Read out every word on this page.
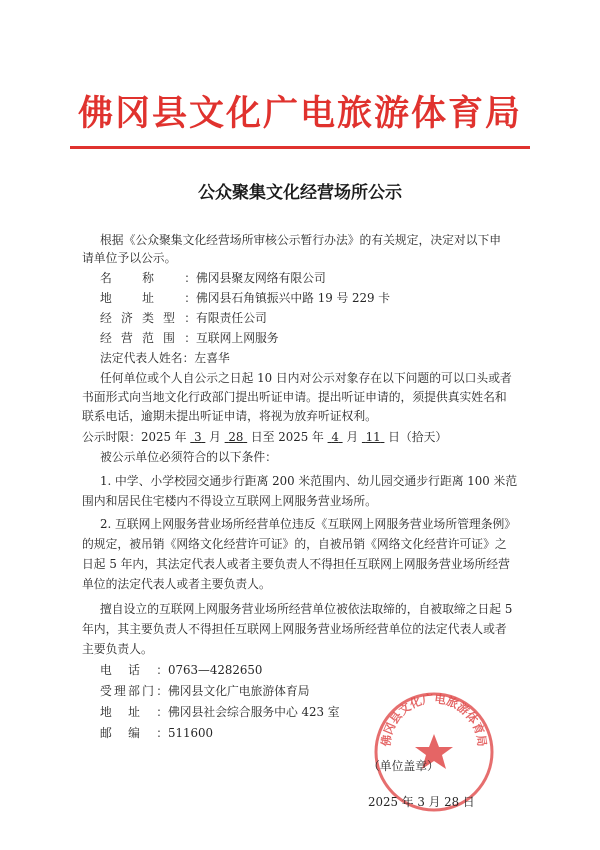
佛冈县文化广电旅游体育局
公众聚集文化经营场所公示
根据《公众聚集文化经营场所审核公示暂行办法》的有关规定，决定对以下申
请单位予以公示。
名称：佛冈县聚友网络有限公司
地址：佛冈县石角镇振兴中路 19 号 229 卡
经济类型：有限责任公司
经营范围：互联网上网服务
法定代表人姓名：左喜华
任何单位或个人自公示之日起 10 日内对公示对象存在以下问题的可以口头或者
书面形式向当地文化行政部门提出听证申请。提出听证申请的，须提供真实姓名和
联系电话，逾期未提出听证申请，将视为放弃听证权利。
公示时限：2025 年 3 月 28 日至 2025 年 4 月 11 日（拾天）
被公示单位必须符合的以下条件：
1. 中学、小学校园交通步行距离 200 米范围内、幼儿园交通步行距离 100 米范
围内和居民住宅楼内不得设立互联网上网服务营业场所。
2. 互联网上网服务营业场所经营单位违反《互联网上网服务营业场所管理条例》
的规定，被吊销《网络文化经营许可证》的，自被吊销《网络文化经营许可证》之
日起 5 年内，其法定代表人或者主要负责人不得担任互联网上网服务营业场所经营
单位的法定代表人或者主要负责人。
擅自设立的互联网上网服务营业场所经营单位被依法取缔的，自被取缔之日起 5
年内，其主要负责人不得担任互联网上网服务营业场所经营单位的法定代表人或者
主要负责人。
电话：0763—4282650
受理部门：佛冈县文化广电旅游体育局
地址：佛冈县社会综合服务中心 423 室
邮编：511600
佛冈县文化广电旅游体育局
（单位盖章）
2025 年 3 月 28 日
